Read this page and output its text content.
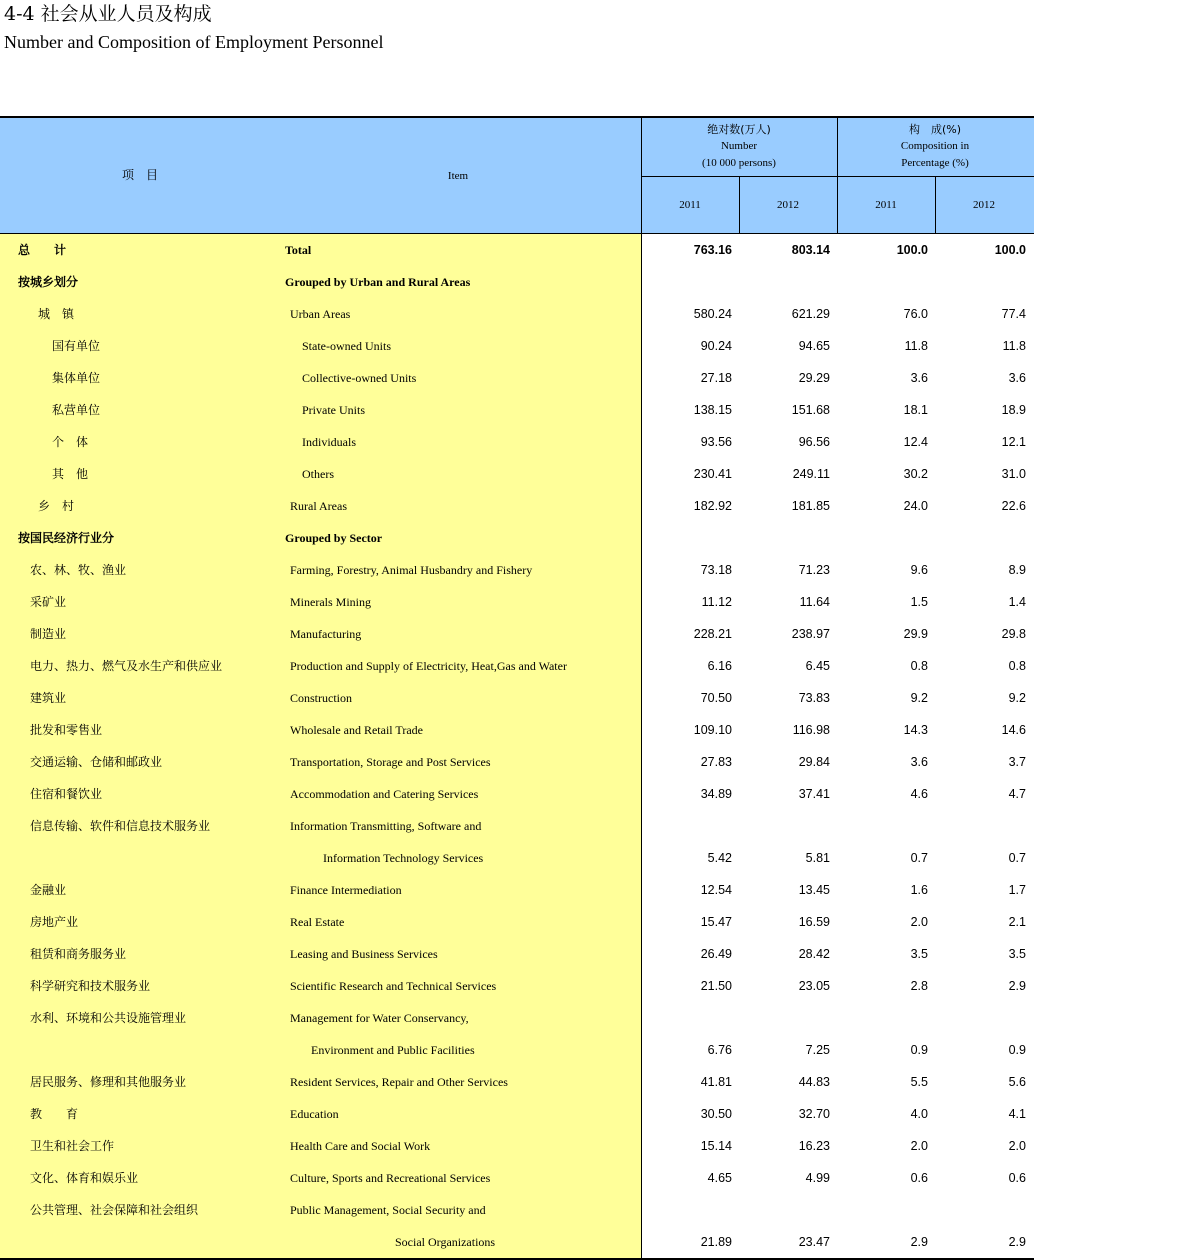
4-4 社会从业人员及构成
Number and Composition of Employment Personnel
项　目	Item
绝对数(万人)
Number
(10 000 persons)
构　成(%)
Composition in
Percentage (%)
2011	2012	2011	2012
总　　计	Total	763.16	803.14	100.0	100.0
按城乡划分	Grouped by Urban and Rural Areas
城　镇	Urban Areas	580.24	621.29	76.0	77.4
国有单位	State-owned Units	90.24	94.65	11.8	11.8
集体单位	Collective-owned Units	27.18	29.29	3.6	3.6
私营单位	Private Units	138.15	151.68	18.1	18.9
个　体	Individuals	93.56	96.56	12.4	12.1
其　他	Others	230.41	249.11	30.2	31.0
乡　村	Rural Areas	182.92	181.85	24.0	22.6
按国民经济行业分	Grouped by Sector
农、林、牧、渔业	Farming, Forestry, Animal Husbandry and Fishery	73.18	71.23	9.6	8.9
采矿业	Minerals Mining	11.12	11.64	1.5	1.4
制造业	Manufacturing	228.21	238.97	29.9	29.8
电力、热力、燃气及水生产和供应业	Production and Supply of Electricity, Heat,Gas and Water	6.16	6.45	0.8	0.8
建筑业	Construction	70.50	73.83	9.2	9.2
批发和零售业	Wholesale and Retail Trade	109.10	116.98	14.3	14.6
交通运输、仓储和邮政业	Transportation, Storage and Post Services	27.83	29.84	3.6	3.7
住宿和餐饮业	Accommodation and Catering Services	34.89	37.41	4.6	4.7
信息传输、软件和信息技术服务业	Information Transmitting, Software and
Information Technology Services	5.42	5.81	0.7	0.7
金融业	Finance Intermediation	12.54	13.45	1.6	1.7
房地产业	Real Estate	15.47	16.59	2.0	2.1
租赁和商务服务业	Leasing and Business Services	26.49	28.42	3.5	3.5
科学研究和技术服务业	Scientific Research and Technical Services	21.50	23.05	2.8	2.9
水利、环境和公共设施管理业	Management for Water Conservancy,
Environment and Public Facilities	6.76	7.25	0.9	0.9
居民服务、修理和其他服务业	Resident Services, Repair and Other Services	41.81	44.83	5.5	5.6
教　　育	Education	30.50	32.70	4.0	4.1
卫生和社会工作	Health Care and Social Work	15.14	16.23	2.0	2.0
文化、体育和娱乐业	Culture, Sports and Recreational Services	4.65	4.99	0.6	0.6
公共管理、社会保障和社会组织	Public Management, Social Security and
Social Organizations	21.89	23.47	2.9	2.9
